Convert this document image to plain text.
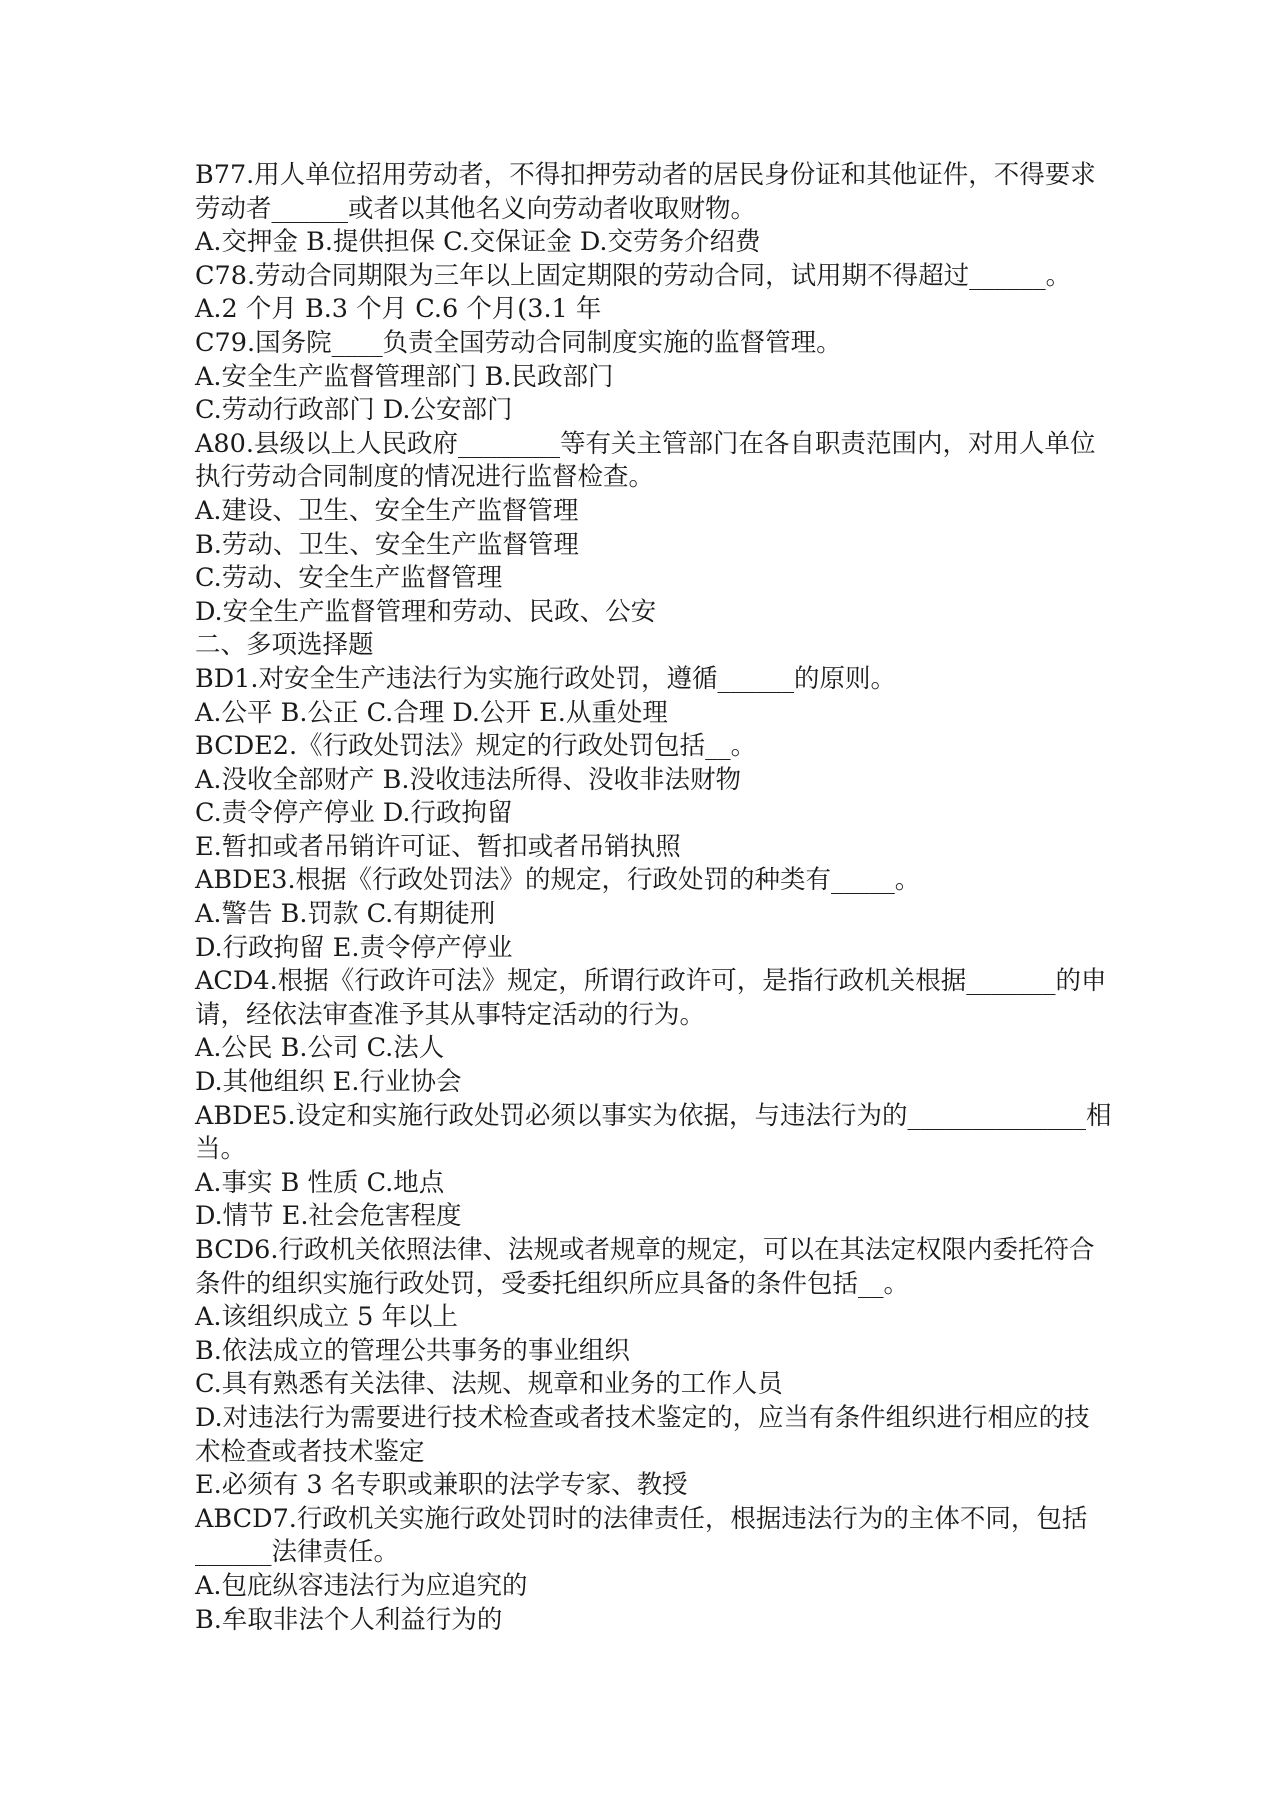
B77.用人单位招用劳动者，不得扣押劳动者的居民身份证和其他证件，不得要求
劳动者______或者以其他名义向劳动者收取财物。
A.交押金 B.提供担保 C.交保证金 D.交劳务介绍费
C78.劳动合同期限为三年以上固定期限的劳动合同，试用期不得超过______。
A.2 个月 B.3 个月 C.6 个月(3.1 年
C79.国务院____负责全国劳动合同制度实施的监督管理。
A.安全生产监督管理部门 B.民政部门
C.劳动行政部门 D.公安部门
A80.县级以上人民政府________等有关主管部门在各自职责范围内，对用人单位
执行劳动合同制度的情况进行监督检查。
A.建设、卫生、安全生产监督管理
B.劳动、卫生、安全生产监督管理
C.劳动、安全生产监督管理
D.安全生产监督管理和劳动、民政、公安
二、多项选择题
BD1.对安全生产违法行为实施行政处罚，遵循______的原则。
A.公平 B.公正 C.合理 D.公开 E.从重处理
BCDE2.《行政处罚法》规定的行政处罚包括__。
A.没收全部财产 B.没收违法所得、没收非法财物
C.责令停产停业 D.行政拘留
E.暂扣或者吊销许可证、暂扣或者吊销执照
ABDE3.根据《行政处罚法》的规定，行政处罚的种类有_____。
A.警告 B.罚款 C.有期徒刑
D.行政拘留 E.责令停产停业
ACD4.根据《行政许可法》规定，所谓行政许可，是指行政机关根据_______的申
请，经依法审查准予其从事特定活动的行为。
A.公民 B.公司 C.法人
D.其他组织 E.行业协会
ABDE5.设定和实施行政处罚必须以事实为依据，与违法行为的______________相
当。
A.事实 B 性质 C.地点
D.情节 E.社会危害程度
BCD6.行政机关依照法律、法规或者规章的规定，可以在其法定权限内委托符合
条件的组织实施行政处罚，受委托组织所应具备的条件包括__。
A.该组织成立 5 年以上
B.依法成立的管理公共事务的事业组织
C.具有熟悉有关法律、法规、规章和业务的工作人员
D.对违法行为需要进行技术检查或者技术鉴定的，应当有条件组织进行相应的技
术检查或者技术鉴定
E.必须有 3 名专职或兼职的法学专家、教授
ABCD7.行政机关实施行政处罚时的法律责任，根据违法行为的主体不同，包括
______法律责任。
A.包庇纵容违法行为应追究的
B.牟取非法个人利益行为的
